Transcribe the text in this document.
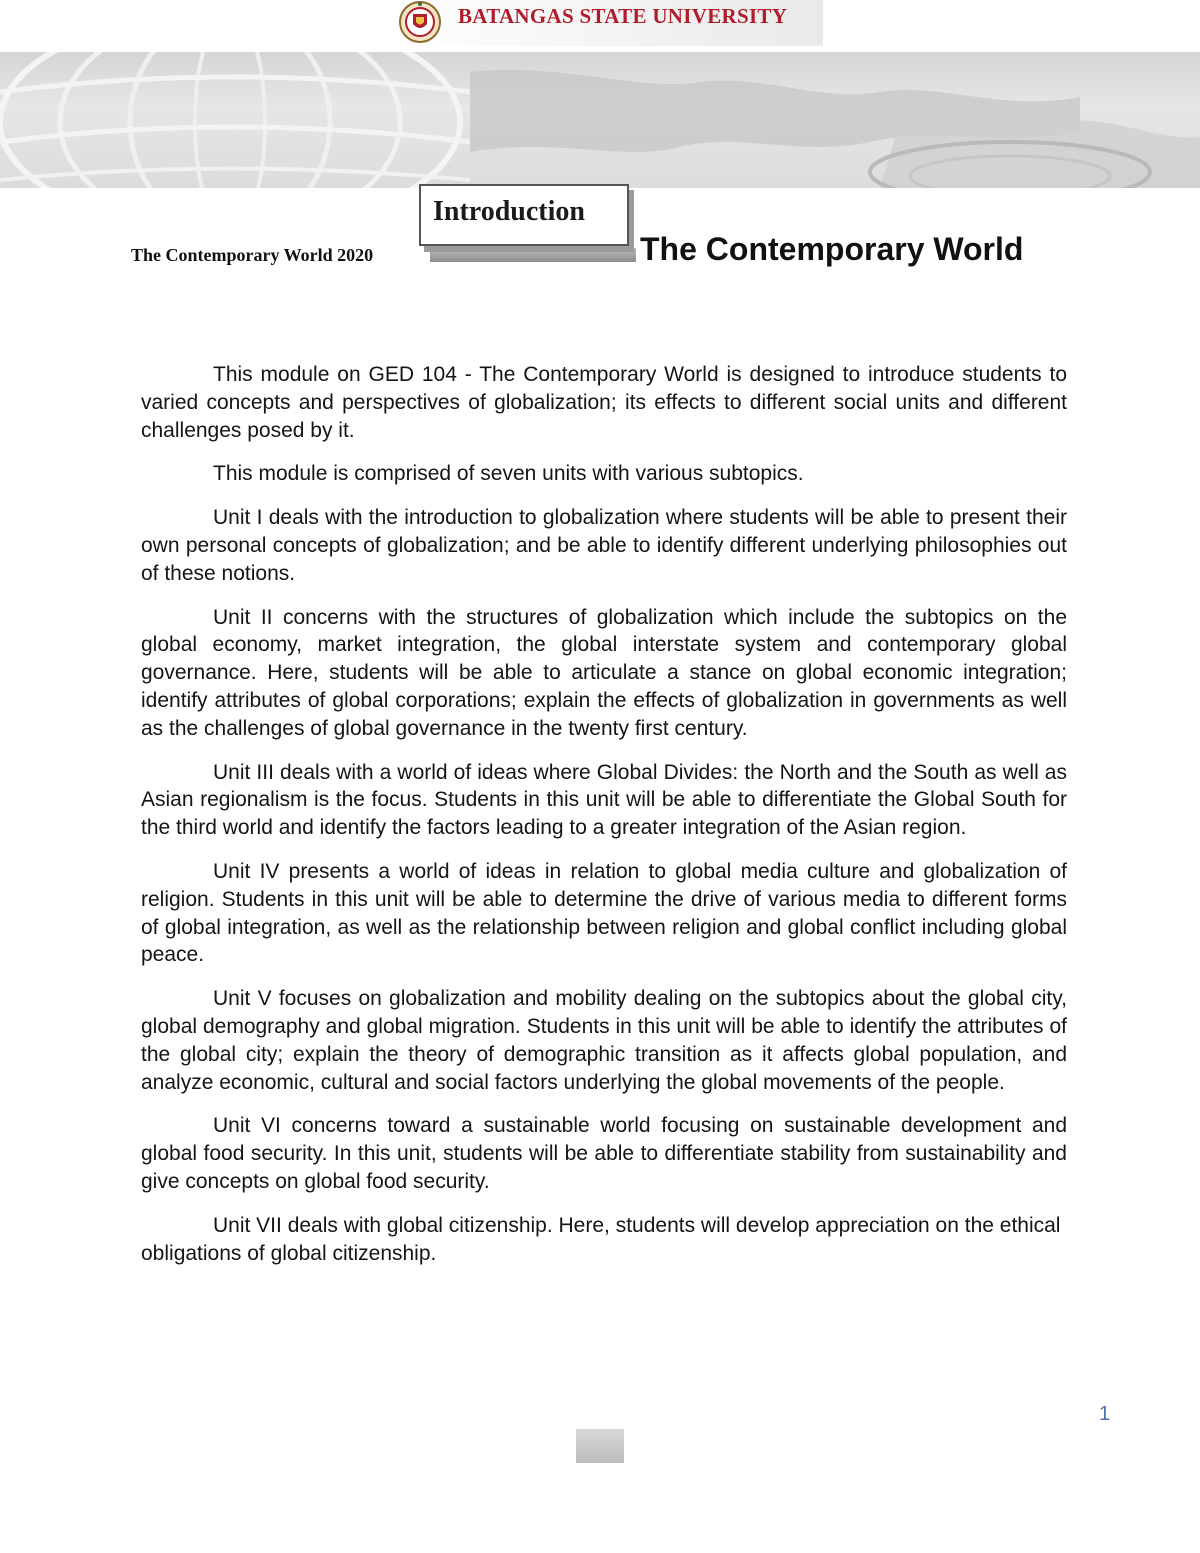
BATANGAS STATE UNIVERSITY
Introduction
The Contemporary World 2020	The Contemporary World

This module on GED 104 - The Contemporary World is designed to introduce students to varied concepts and perspectives of globalization; its effects to different social units and different challenges posed by it.

This module is comprised of seven units with various subtopics.

Unit I deals with the introduction to globalization where students will be able to present their own personal concepts of globalization; and be able to identify different underlying philosophies out of these notions.

Unit II concerns with the structures of globalization which include the subtopics on the global economy, market integration, the global interstate system and contemporary global governance. Here, students will be able to articulate a stance on global economic integration; identify attributes of global corporations; explain the effects of globalization in governments as well as the challenges of global governance in the twenty first century.

Unit III deals with a world of ideas where Global Divides: the North and the South as well as Asian regionalism is the focus. Students in this unit will be able to differentiate the Global South for the third world and identify the factors leading to a greater integration of the Asian region.

Unit IV presents a world of ideas in relation to global media culture and globalization of religion. Students in this unit will be able to determine the drive of various media to different forms of global integration, as well as the relationship between religion and global conflict including global peace.

Unit V focuses on globalization and mobility dealing on the subtopics about the global city, global demography and global migration. Students in this unit will be able to identify the attributes of the global city; explain the theory of demographic transition as it affects global population, and analyze economic, cultural and social factors underlying the global movements of the people.

Unit VI concerns toward a sustainable world focusing on sustainable development and global food security. In this unit, students will be able to differentiate stability from sustainability and give concepts on global food security.

Unit VII deals with global citizenship. Here, students will develop appreciation on the ethical obligations of global citizenship.

1
